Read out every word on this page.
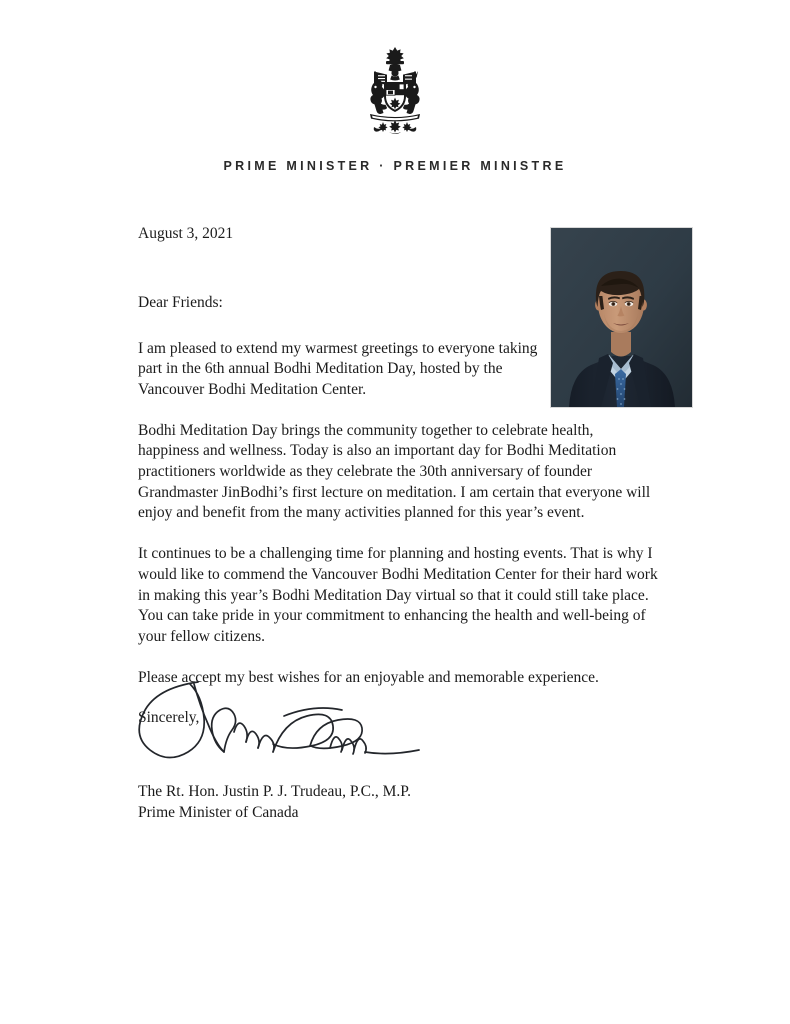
PRIME MINISTER · PREMIER MINISTRE
August 3, 2021
Dear Friends:
I am pleased to extend my warmest greetings to everyone taking part in the 6th annual Bodhi Meditation Day, hosted by the Vancouver Bodhi Meditation Center.
Bodhi Meditation Day brings the community together to celebrate health, happiness and wellness. Today is also an important day for Bodhi Meditation practitioners worldwide as they celebrate the 30th anniversary of founder Grandmaster JinBodhi’s first lecture on meditation. I am certain that everyone will enjoy and benefit from the many activities planned for this year’s event.
It continues to be a challenging time for planning and hosting events. That is why I would like to commend the Vancouver Bodhi Meditation Center for their hard work in making this year’s Bodhi Meditation Day virtual so that it could still take place. You can take pride in your commitment to enhancing the health and well-being of your fellow citizens.
Please accept my best wishes for an enjoyable and memorable experience.
Sincerely,
The Rt. Hon. Justin P. J. Trudeau, P.C., M.P.
Prime Minister of Canada
